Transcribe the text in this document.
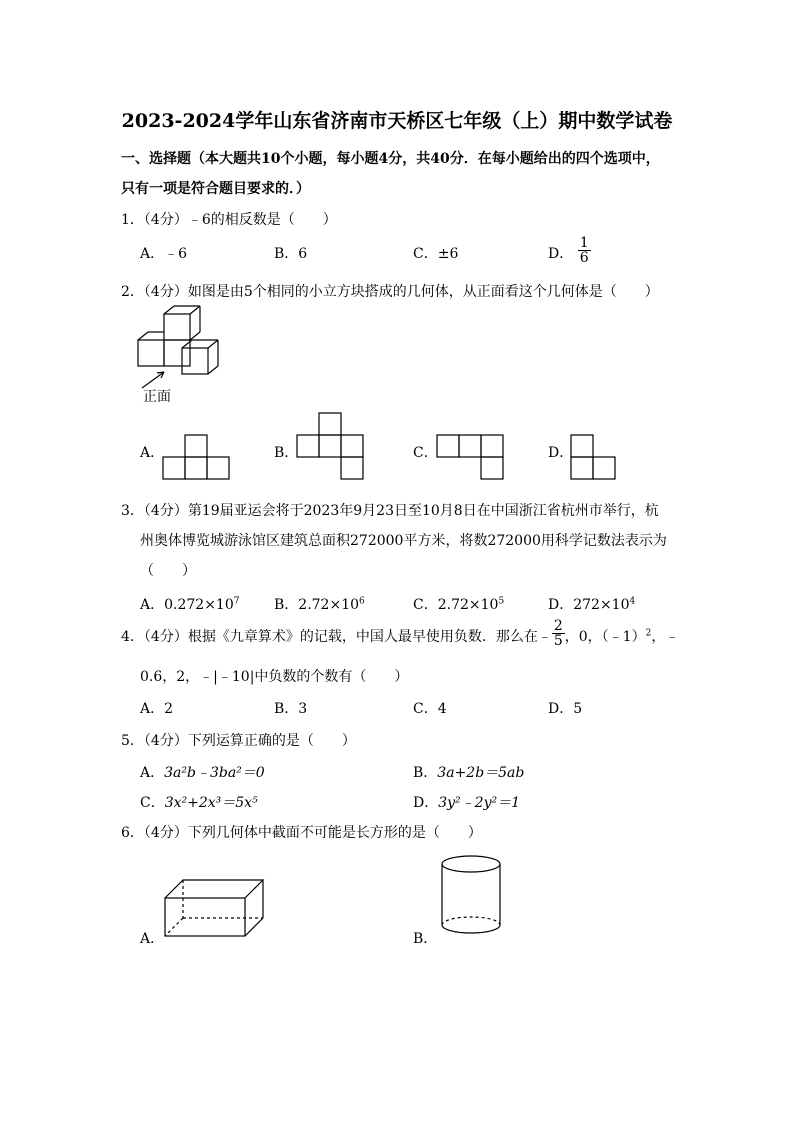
2023-2024学年山东省济南市天桥区七年级（上）期中数学试卷
一、选择题（本大题共10个小题，每小题4分，共40分．在每小题给出的四个选项中，
只有一项是符合题目要求的．）
1．（4分）﹣6的相反数是（　　）
A．﹣6	B．6	C．±6	D． $\frac{1}{6}$
2．（4分）如图是由5个相同的小立方块搭成的几何体，从正面看这个几何体是（　　）
正面
A．	B．	C．	D．
3．（4分）第19届亚运会将于2023年9月23日至10月8日在中国浙江省杭州市举行，杭
州奥体博览城游泳馆区建筑总面积272000平方米，将数272000用科学记数法表示为
（　　）
A．$0.272\times 10^7$ B．$2.72\times 10^6$	C．$2.72\times 10^5$	D．$272\times 10^4$
4．（4分）根据《九章算术》的记载，中国人最早使用负数．那么在﹣ $\frac{2}{5}$ ，0，（﹣1）$^2$，﹣
0.6，2，﹣|﹣10|中负数的个数有（　　）
A．2	B．3	C．4	D．5
5．（4分）下列运算正确的是（　　）
A．3a²b﹣3ba²＝0	B．3a+2b＝5ab
C．3x²+2x³＝5x⁵	D．3y²﹣2y²＝1
6．（4分）下列几何体中截面不可能是长方形的是（　　）
A．	B．
